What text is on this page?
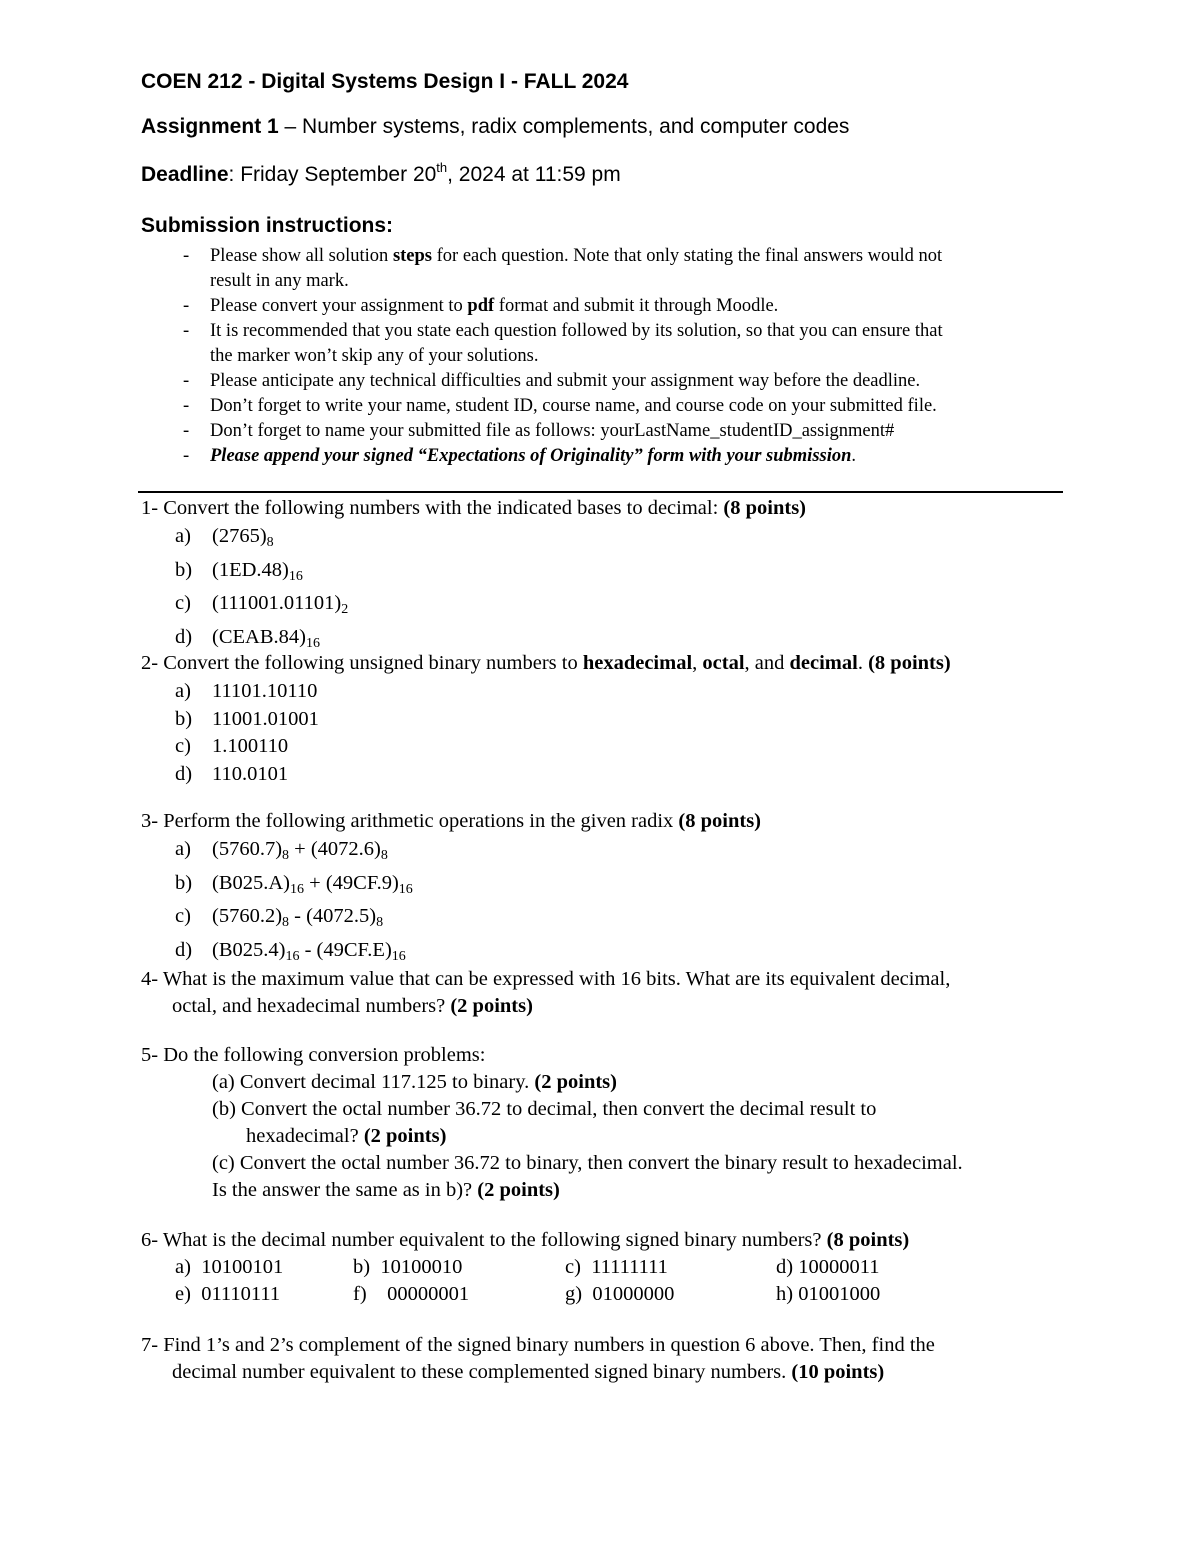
COEN 212 - Digital Systems Design I - FALL 2024
Assignment 1 – Number systems, radix complements, and computer codes
Deadline: Friday September 20th, 2024 at 11:59 pm
Submission instructions:
- Please show all solution steps for each question. Note that only stating the final answers would not
result in any mark.
- Please convert your assignment to pdf format and submit it through Moodle.
- It is recommended that you state each question followed by its solution, so that you can ensure that
the marker won’t skip any of your solutions.
- Please anticipate any technical difficulties and submit your assignment way before the deadline.
- Don’t forget to write your name, student ID, course name, and course code on your submitted file.
- Don’t forget to name your submitted file as follows: yourLastName_studentID_assignment#
- Please append your signed “Expectations of Originality” form with your submission.
1- Convert the following numbers with the indicated bases to decimal: (8 points)
a) $(2765)_8$
b) $(1ED.48)_{16}$
c) $(111001.01101)_2$
d) $(CEAB.84)_{16}$
2- Convert the following unsigned binary numbers to hexadecimal, octal, and decimal. (8 points)
a) 11101.10110
b) 11001.01001
c) 1.100110
d) 110.0101
3- Perform the following arithmetic operations in the given radix (8 points)
a) $(5760.7)_8 + (4072.6)_8$
b) $(B025.A)_{16} + (49CF.9)_{16}$
c) $(5760.2)_8 - (4072.5)_8$
d) $(B025.4)_{16} - (49CF.E)_{16}$
4- What is the maximum value that can be expressed with 16 bits. What are its equivalent decimal,
octal, and hexadecimal numbers? (2 points)
5- Do the following conversion problems:
(a) Convert decimal 117.125 to binary. (2 points)
(b) Convert the octal number 36.72 to decimal, then convert the decimal result to
hexadecimal? (2 points)
(c) Convert the octal number 36.72 to binary, then convert the binary result to hexadecimal.
Is the answer the same as in b)? (2 points)
6- What is the decimal number equivalent to the following signed binary numbers? (8 points)
a) 10100101	b) 10100010	c) 11111111	d) 10000011
e) 01110111	f) 00000001	g) 01000000	h) 01001000
7- Find 1’s and 2’s complement of the signed binary numbers in question 6 above. Then, find the
decimal number equivalent to these complemented signed binary numbers. (10 points)
